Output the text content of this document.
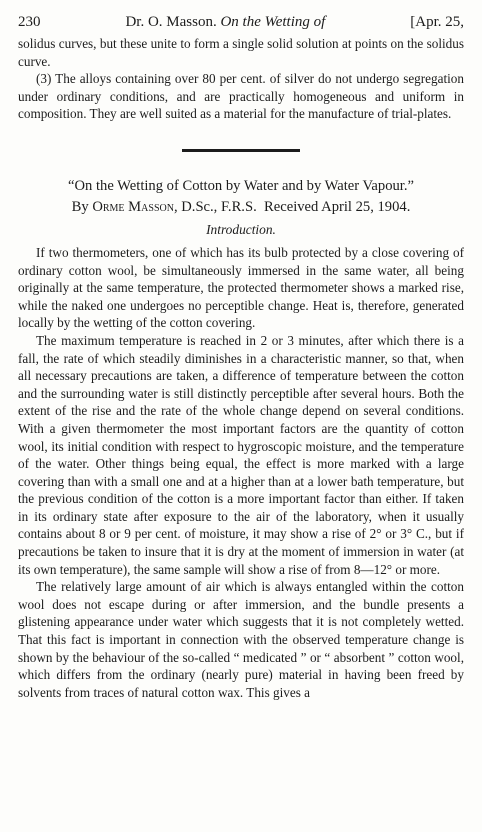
230	Dr. O. Masson. On the Wetting of	[Apr. 25,

solidus curves, but these unite to form a single solid solution at points on the solidus curve.

(3) The alloys containing over 80 per cent. of silver do not undergo segregation under ordinary conditions, and are practically homogeneous and uniform in composition. They are well suited as a material for the manufacture of trial-plates.

“On the Wetting of Cotton by Water and by Water Vapour.”
By Orme Masson, D.Sc., F.R.S. Received April 25, 1904.
Introduction.

If two thermometers, one of which has its bulb protected by a close covering of ordinary cotton wool, be simultaneously immersed in the same water, all being originally at the same temperature, the protected thermometer shows a marked rise, while the naked one undergoes no perceptible change. Heat is, therefore, generated locally by the wetting of the cotton covering.

The maximum temperature is reached in 2 or 3 minutes, after which there is a fall, the rate of which steadily diminishes in a characteristic manner, so that, when all necessary precautions are taken, a difference of temperature between the cotton and the surrounding water is still distinctly perceptible after several hours. Both the extent of the rise and the rate of the whole change depend on several conditions. With a given thermometer the most important factors are the quantity of cotton wool, its initial condition with respect to hygroscopic moisture, and the temperature of the water. Other things being equal, the effect is more marked with a large covering than with a small one and at a higher than at a lower bath temperature, but the previous condition of the cotton is a more important factor than either. If taken in its ordinary state after exposure to the air of the laboratory, when it usually contains about 8 or 9 per cent. of moisture, it may show a rise of 2° or 3° C., but if precautions be taken to insure that it is dry at the moment of immersion in water (at its own temperature), the same sample will show a rise of from 8—12° or more.

The relatively large amount of air which is always entangled within the cotton wool does not escape during or after immersion, and the bundle presents a glistening appearance under water which suggests that it is not completely wetted. That this fact is important in connection with the observed temperature change is shown by the behaviour of the so-called “ medicated ” or “ absorbent ” cotton wool, which differs from the ordinary (nearly pure) material in having been freed by solvents from traces of natural cotton wax. This gives a
